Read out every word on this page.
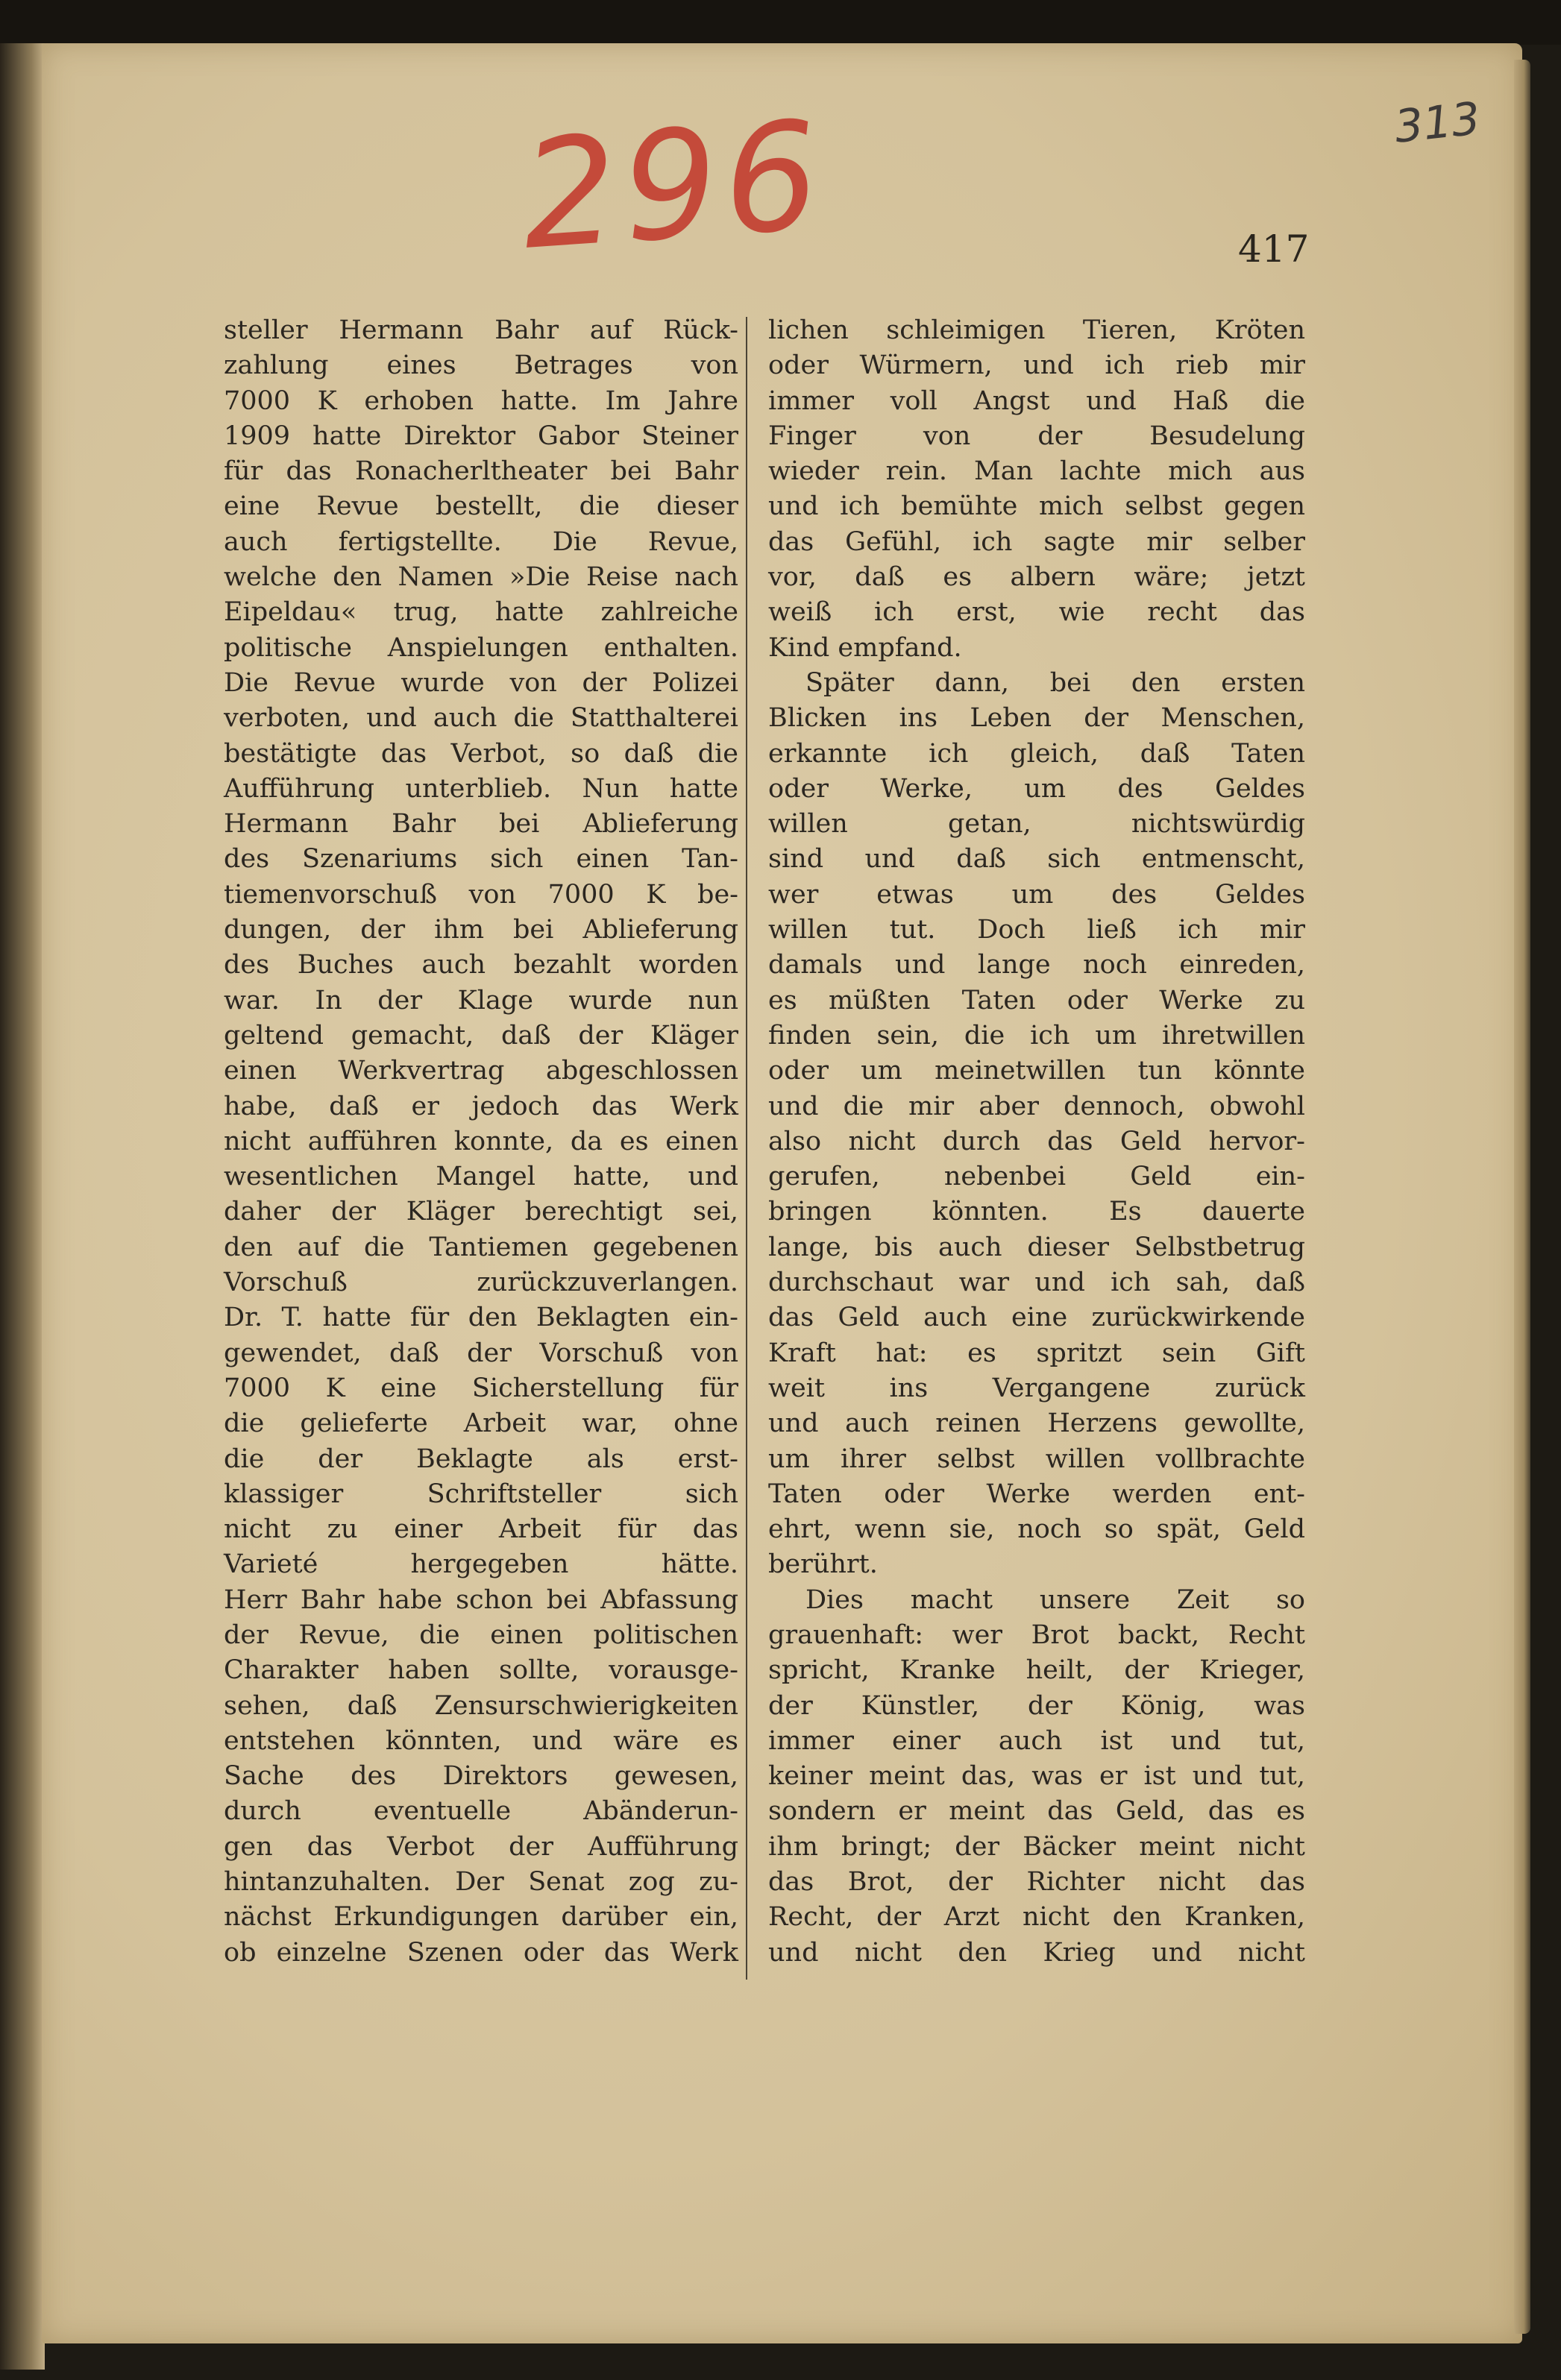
296	313
417
steller Hermann Bahr auf Rück-
zahlung eines Betrages von
7000 K erhoben hatte. Im Jahre
1909 hatte Direktor Gabor Steiner
für das Ronacherltheater bei Bahr
eine Revue bestellt, die dieser
auch fertigstellte. Die Revue,
welche den Namen »Die Reise nach
Eipeldau« trug, hatte zahlreiche
politische Anspielungen enthalten.
Die Revue wurde von der Polizei
verboten, und auch die Statthalterei
bestätigte das Verbot, so daß die
Aufführung unterblieb. Nun hatte
Hermann Bahr bei Ablieferung
des Szenariums sich einen Tan-
tiemenvorschuß von 7000 K be-
dungen, der ihm bei Ablieferung
des Buches auch bezahlt worden
war. In der Klage wurde nun
geltend gemacht, daß der Kläger
einen Werkvertrag abgeschlossen
habe, daß er jedoch das Werk
nicht aufführen konnte, da es einen
wesentlichen Mangel hatte, und
daher der Kläger berechtigt sei,
den auf die Tantiemen gegebenen
Vorschuß zurückzuverlangen.
Dr. T. hatte für den Beklagten ein-
gewendet, daß der Vorschuß von
7000 K eine Sicherstellung für
die gelieferte Arbeit war, ohne
die der Beklagte als erst-
klassiger Schriftsteller sich
nicht zu einer Arbeit für das
Varieté hergegeben hätte.
Herr Bahr habe schon bei Abfassung
der Revue, die einen politischen
Charakter haben sollte, vorausge-
sehen, daß Zensurschwierigkeiten
entstehen könnten, und wäre es
Sache des Direktors gewesen,
durch eventuelle Abänderun-
gen das Verbot der Aufführung
hintanzuhalten. Der Senat zog zu-
nächst Erkundigungen darüber ein,
ob einzelne Szenen oder das Werk
lichen schleimigen Tieren, Kröten
oder Würmern, und ich rieb mir
immer voll Angst und Haß die
Finger von der Besudelung
wieder rein. Man lachte mich aus
und ich bemühte mich selbst gegen
das Gefühl, ich sagte mir selber
vor, daß es albern wäre; jetzt
weiß ich erst, wie recht das
Kind empfand.
Später dann, bei den ersten
Blicken ins Leben der Menschen,
erkannte ich gleich, daß Taten
oder Werke, um des Geldes
willen getan, nichtswürdig
sind und daß sich entmenscht,
wer etwas um des Geldes
willen tut. Doch ließ ich mir
damals und lange noch einreden,
es müßten Taten oder Werke zu
finden sein, die ich um ihretwillen
oder um meinetwillen tun könnte
und die mir aber dennoch, obwohl
also nicht durch das Geld hervor-
gerufen, nebenbei Geld ein-
bringen könnten. Es dauerte
lange, bis auch dieser Selbstbetrug
durchschaut war und ich sah, daß
das Geld auch eine zurückwirkende
Kraft hat: es spritzt sein Gift
weit ins Vergangene zurück
und auch reinen Herzens gewollte,
um ihrer selbst willen vollbrachte
Taten oder Werke werden ent-
ehrt, wenn sie, noch so spät, Geld
berührt.
Dies macht unsere Zeit so
grauenhaft: wer Brot backt, Recht
spricht, Kranke heilt, der Krieger,
der Künstler, der König, was
immer einer auch ist und tut,
keiner meint das, was er ist und tut,
sondern er meint das Geld, das es
ihm bringt; der Bäcker meint nicht
das Brot, der Richter nicht das
Recht, der Arzt nicht den Kranken,
und nicht den Krieg und nicht
